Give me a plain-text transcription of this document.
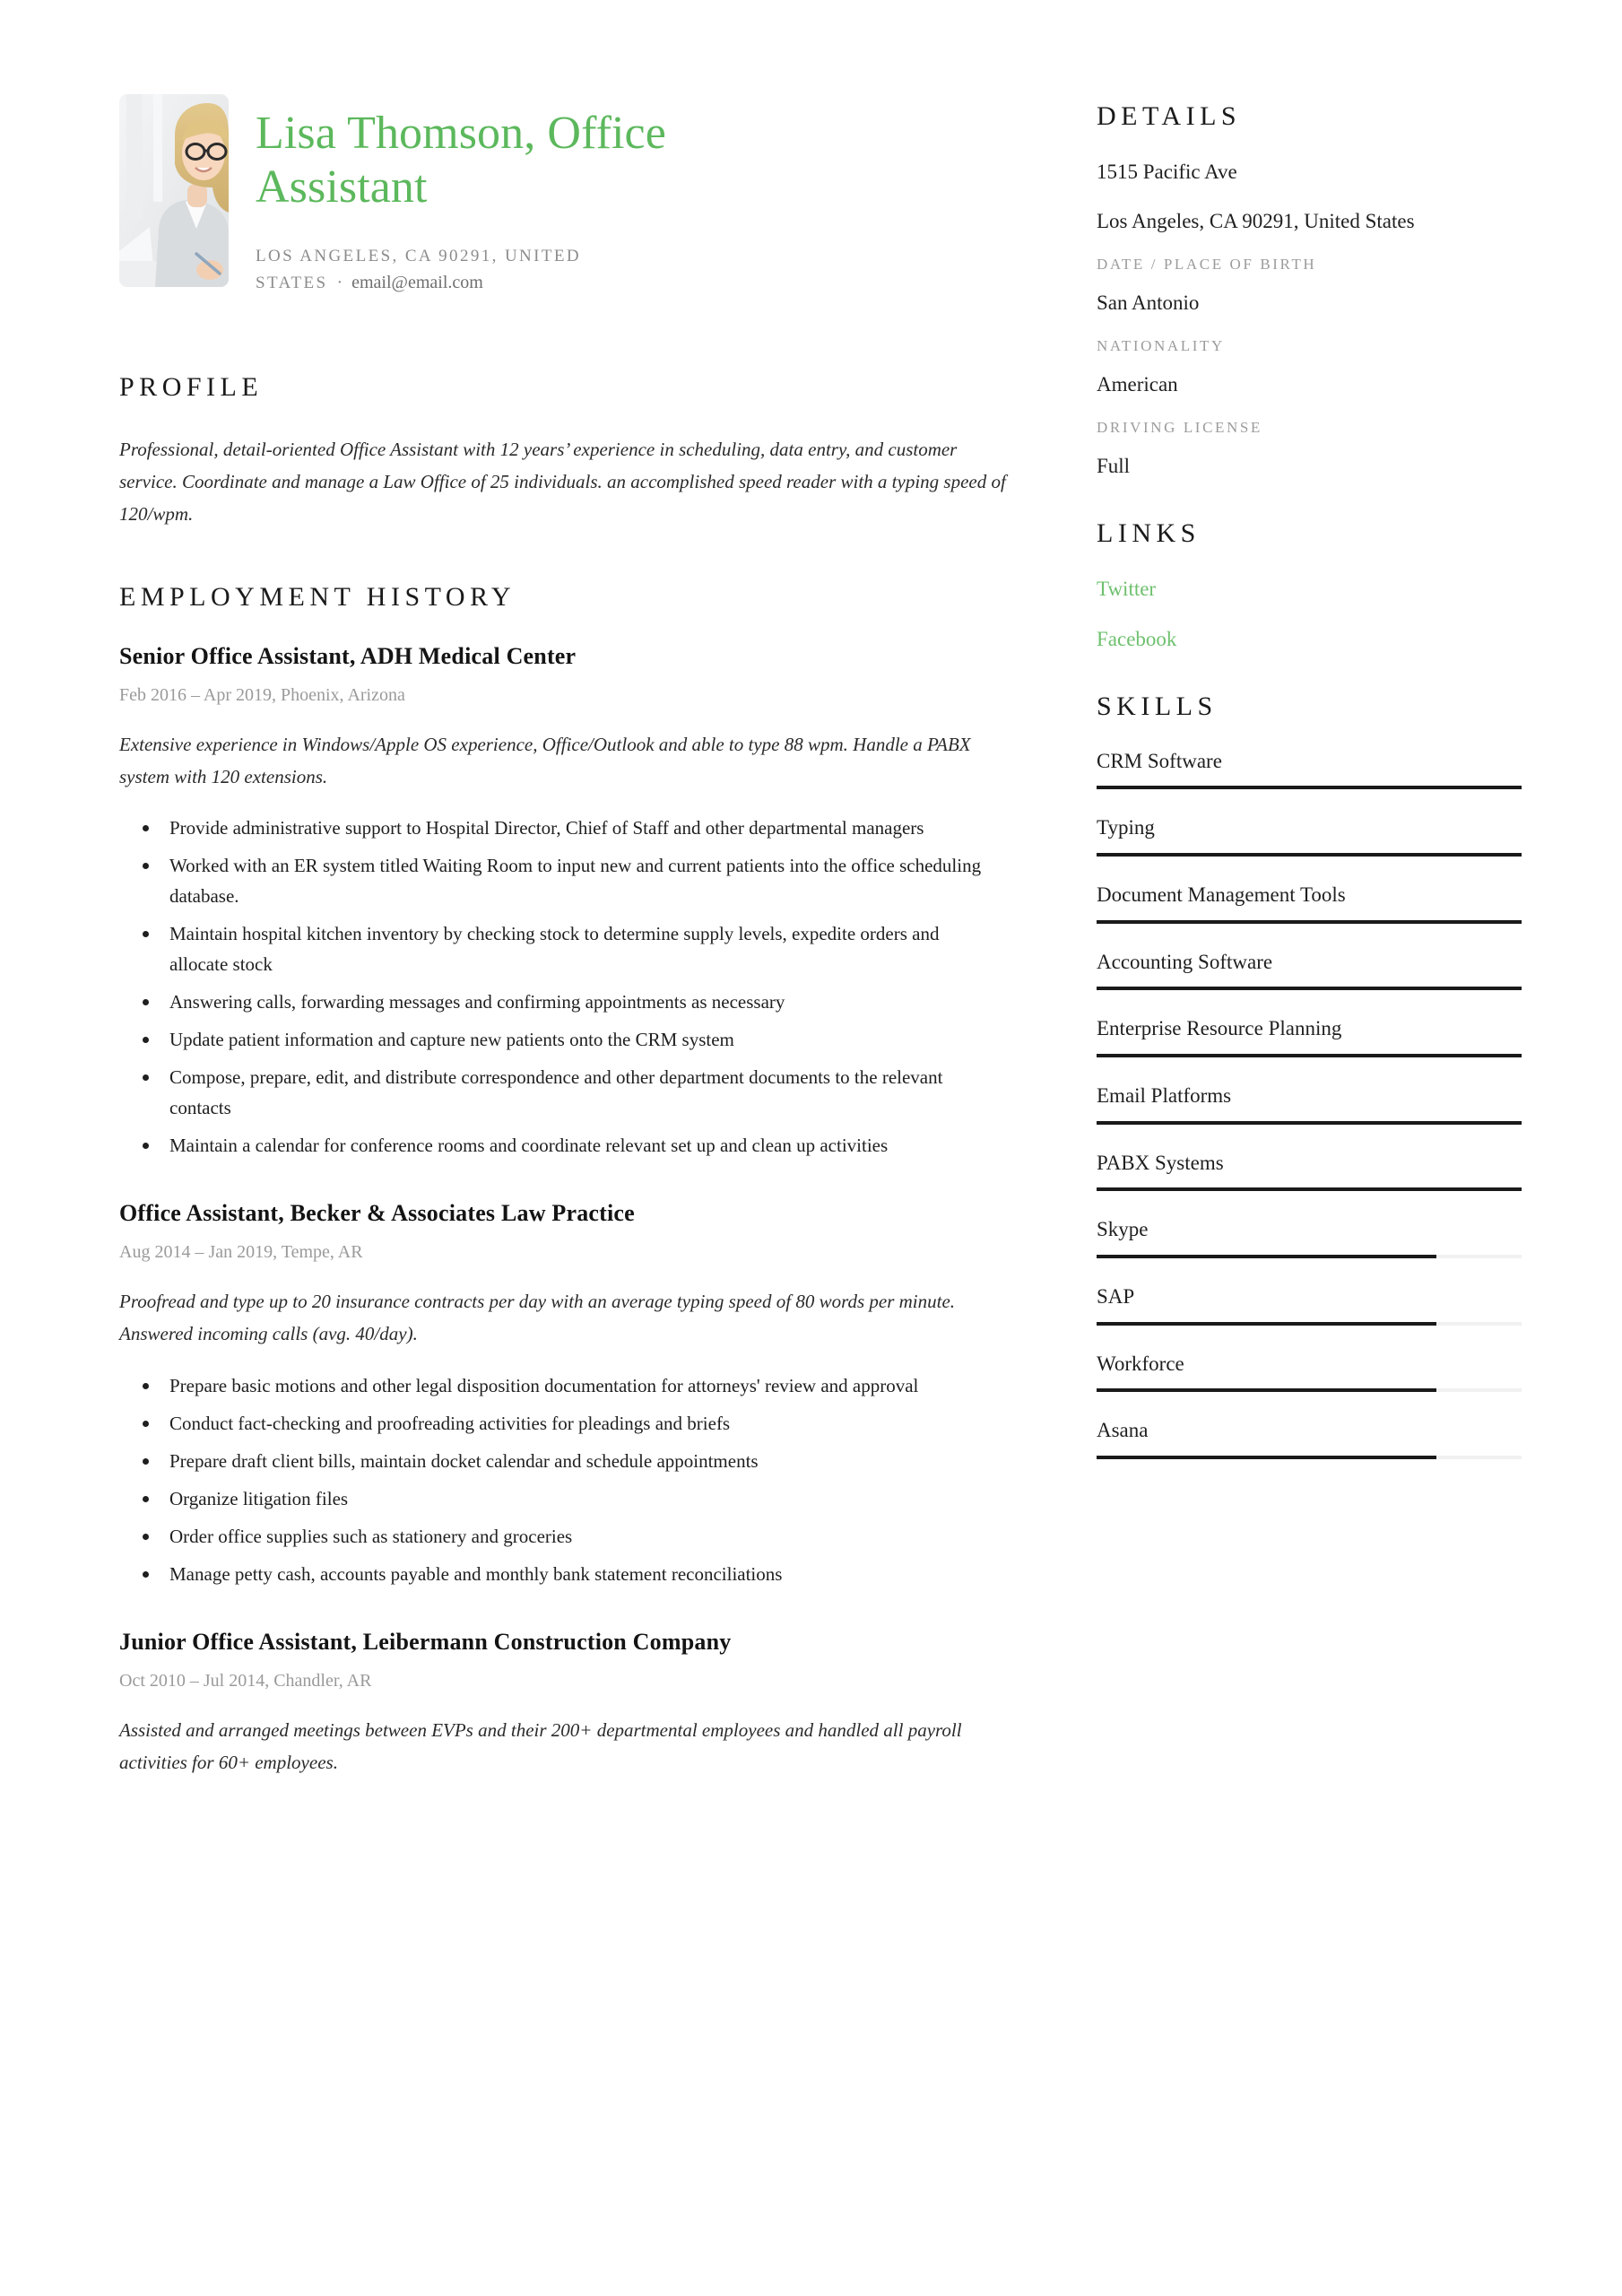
Lisa Thomson, Office Assistant
LOS ANGELES, CA 90291, UNITED STATES · email@email.com
PROFILE

Professional, detail-oriented Office Assistant with 12 years’ experience in scheduling, data entry, and customer service. Coordinate and manage a Law Office of 25 individuals. an accomplished speed reader with a typing speed of 120/wpm.

EMPLOYMENT HISTORY
Senior Office Assistant, ADH Medical Center
Feb 2016 – Apr 2019, Phoenix, Arizona
Extensive experience in Windows/Apple OS experience, Office/Outlook and able to type 88 wpm. Handle a PABX system with 120 extensions.
Provide administrative support to Hospital Director, Chief of Staff and other departmental managers
Worked with an ER system titled Waiting Room to input new and current patients into the office scheduling database.
Maintain hospital kitchen inventory by checking stock to determine supply levels, expedite orders and allocate stock
Answering calls, forwarding messages and confirming appointments as necessary
Update patient information and capture new patients onto the CRM system
Compose, prepare, edit, and distribute correspondence and other department documents to the relevant contacts
Maintain a calendar for conference rooms and coordinate relevant set up and clean up activities
Office Assistant, Becker & Associates Law Practice
Aug 2014 – Jan 2019, Tempe, AR
Proofread and type up to 20 insurance contracts per day with an average typing speed of 80 words per minute. Answered incoming calls (avg. 40/day).
Prepare basic motions and other legal disposition documentation for attorneys' review and approval
Conduct fact-checking and proofreading activities for pleadings and briefs
Prepare draft client bills, maintain docket calendar and schedule appointments
Organize litigation files
Order office supplies such as stationery and groceries
Manage petty cash, accounts payable and monthly bank statement reconciliations
Junior Office Assistant, Leibermann Construction Company
Oct 2010 – Jul 2014, Chandler, AR
Assisted and arranged meetings between EVPs and their 200+ departmental employees and handled all payroll activities for 60+ employees.
DETAILS
1515 Pacific Ave
Los Angeles, CA 90291, United States
DATE / PLACE OF BIRTH
San Antonio
NATIONALITY
American
DRIVING LICENSE
Full
LINKS
Twitter
Facebook
SKILLS
CRM Software
Typing
Document Management Tools
Accounting Software
Enterprise Resource Planning
Email Platforms
PABX Systems
Skype
SAP
Workforce
Asana
